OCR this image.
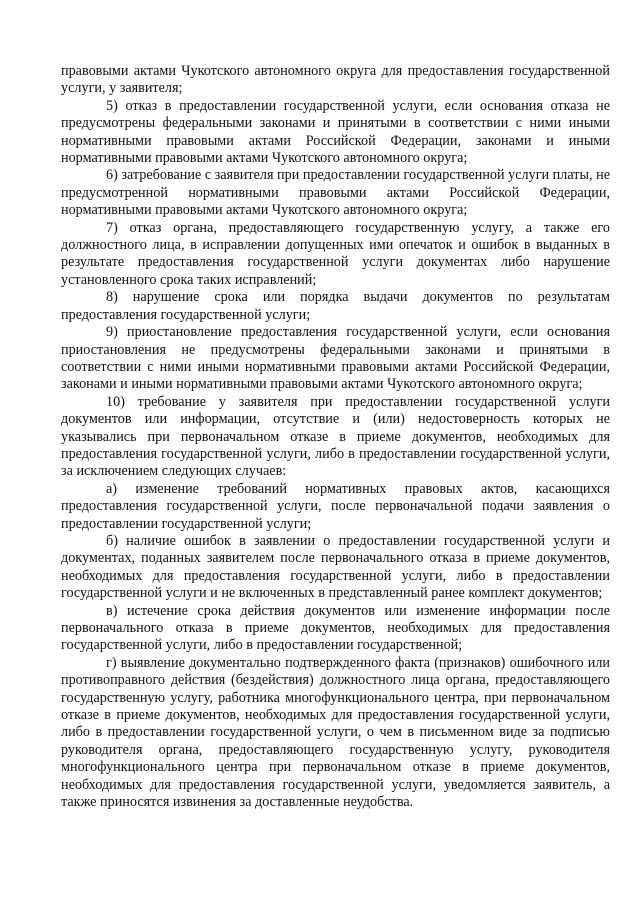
правовыми актами Чукотского автономного округа для предоставления государственной услуги, у заявителя;

5) отказ в предоставлении государственной услуги, если основания отказа не предусмотрены федеральными законами и принятыми в соответствии с ними иными нормативными правовыми актами Российской Федерации, законами и иными нормативными правовыми актами Чукотского автономного округа;

6) затребование с заявителя при предоставлении государственной услуги платы, не предусмотренной нормативными правовыми актами Российской Федерации, нормативными правовыми актами Чукотского автономного округа;

7) отказ органа, предоставляющего государственную услугу, а также его должностного лица, в исправлении допущенных ими опечаток и ошибок в выданных в результате предоставления государственной услуги документах либо нарушение установленного срока таких исправлений;

8) нарушение срока или порядка выдачи документов по результатам предоставления государственной услуги;

9) приостановление предоставления государственной услуги, если основания приостановления не предусмотрены федеральными законами и принятыми в соответствии с ними иными нормативными правовыми актами Российской Федерации, законами и иными нормативными правовыми актами Чукотского автономного округа;

10) требование у заявителя при предоставлении государственной услуги документов или информации, отсутствие и (или) недостоверность которых не указывались при первоначальном отказе в приеме документов, необходимых для предоставления государственной услуги, либо в предоставлении государственной услуги, за исключением следующих случаев:

а) изменение требований нормативных правовых актов, касающихся предоставления государственной услуги, после первоначальной подачи заявления о предоставлении государственной услуги;

б) наличие ошибок в заявлении о предоставлении государственной услуги и документах, поданных заявителем после первоначального отказа в приеме документов, необходимых для предоставления государственной услуги, либо в предоставлении государственной услуги и не включенных в представленный ранее комплект документов;

в) истечение срока действия документов или изменение информации после первоначального отказа в приеме документов, необходимых для предоставления государственной услуги, либо в предоставлении государственной;

г) выявление документально подтвержденного факта (признаков) ошибочного или противоправного действия (бездействия) должностного лица органа, предоставляющего государственную услугу, работника многофункционального центра, при первоначальном отказе в приеме документов, необходимых для предоставления государственной услуги, либо в предоставлении государственной услуги, о чем в письменном виде за подписью руководителя органа, предоставляющего государственную услугу, руководителя многофункционального центра при первоначальном отказе в приеме документов, необходимых для предоставления государственной услуги, уведомляется заявитель, а также приносятся извинения за доставленные неудобства.
